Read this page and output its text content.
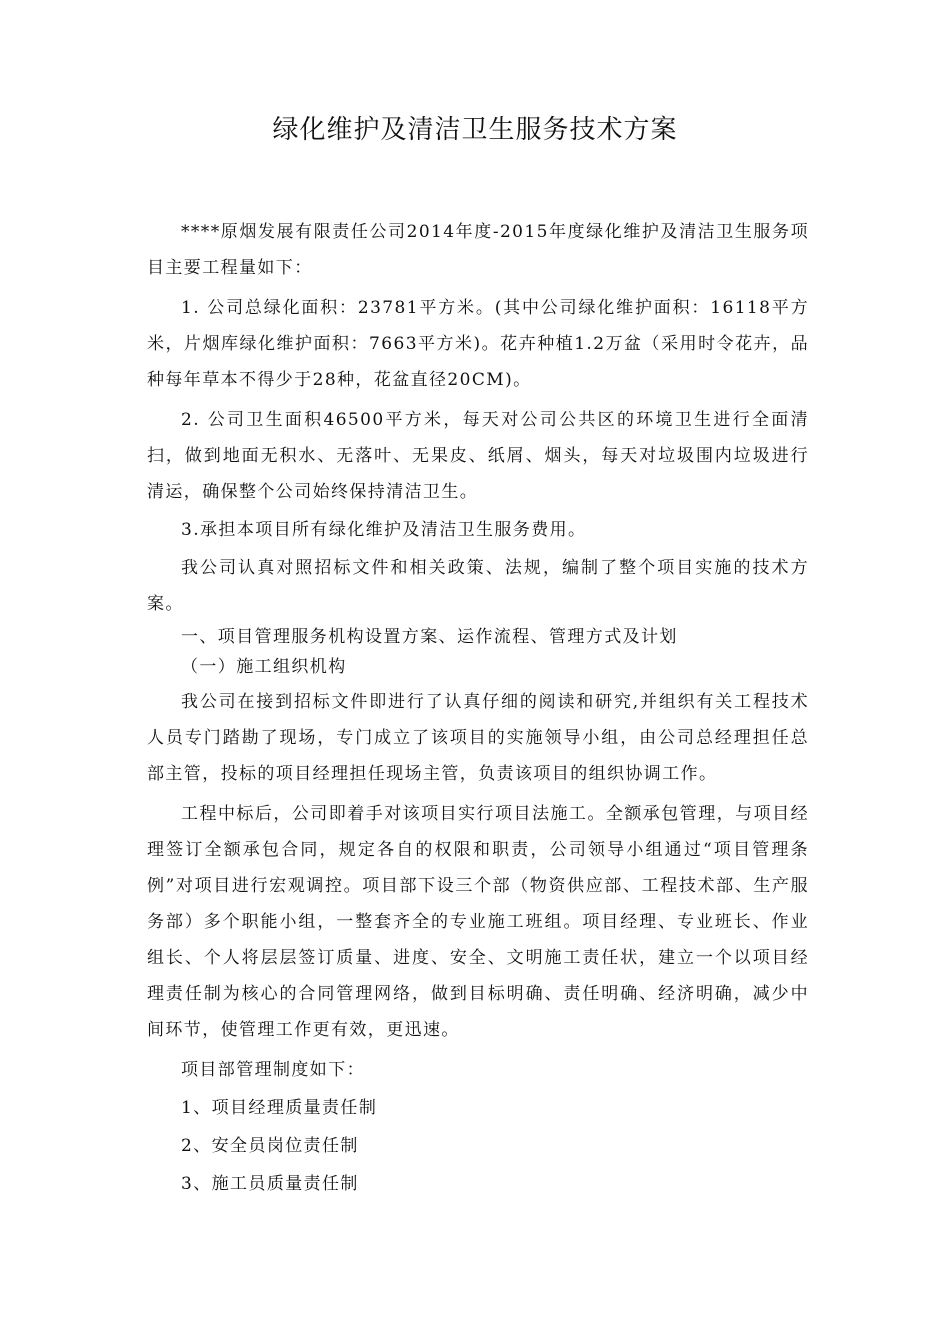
绿化维护及清洁卫生服务技术方案

****原烟发展有限责任公司2014年度-2015年度绿化维护及清洁卫生服务项目主要工程量如下：

1. 公司总绿化面积：23781平方米。(其中公司绿化维护面积：16118平方米，片烟库绿化维护面积：7663平方米)。花卉种植1.2万盆（采用时令花卉，品种每年草本不得少于28种，花盆直径20CM)。

2. 公司卫生面积46500平方米，每天对公司公共区的环境卫生进行全面清扫，做到地面无积水、无落叶、无果皮、纸屑、烟头，每天对垃圾围内垃圾进行清运，确保整个公司始终保持清洁卫生。

3.承担本项目所有绿化维护及清洁卫生服务费用。

我公司认真对照招标文件和相关政策、法规，编制了整个项目实施的技术方案。

一、项目管理服务机构设置方案、运作流程、管理方式及计划

（一）施工组织机构

我公司在接到招标文件即进行了认真仔细的阅读和研究,并组织有关工程技术人员专门踏勘了现场，专门成立了该项目的实施领导小组，由公司总经理担任总部主管，投标的项目经理担任现场主管，负责该项目的组织协调工作。

工程中标后，公司即着手对该项目实行项目法施工。全额承包管理，与项目经理签订全额承包合同，规定各自的权限和职责，公司领导小组通过“项目管理条例”对项目进行宏观调控。项目部下设三个部（物资供应部、工程技术部、生产服务部）多个职能小组，一整套齐全的专业施工班组。项目经理、专业班长、作业组长、个人将层层签订质量、进度、安全、文明施工责任状，建立一个以项目经理责任制为核心的合同管理网络，做到目标明确、责任明确、经济明确，减少中间环节，使管理工作更有效，更迅速。

项目部管理制度如下：

1、项目经理质量责任制

2、安全员岗位责任制

3、施工员质量责任制
